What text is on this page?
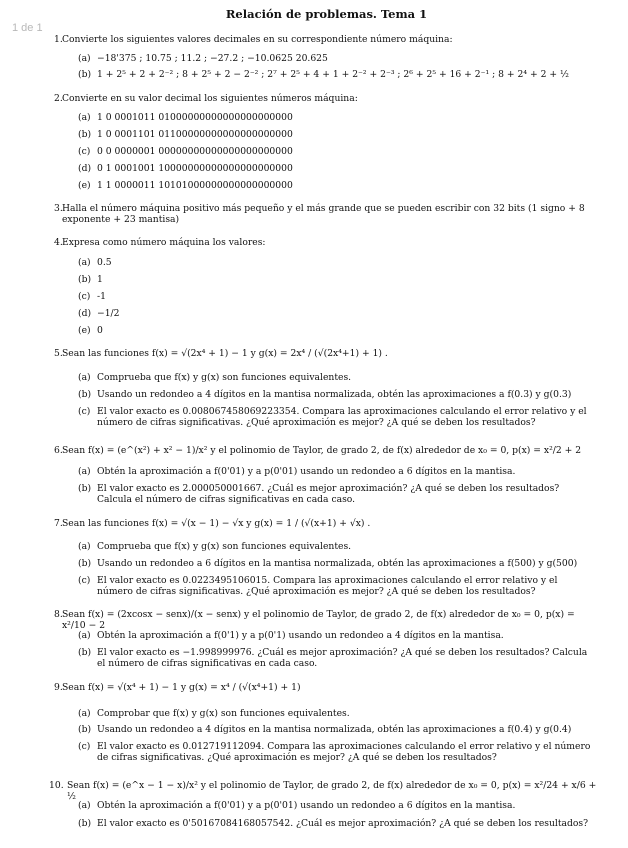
1 de 1
Relación de problemas. Tema 1
1. Convierte los siguientes valores decimales en su correspondiente número máquina:
(a) −18'375 ; 10.75 ; 11.2 ; −27.2 ; −10.0625 20.625
(b) 1 + 2⁵ + 2 + 2⁻² ; 8 + 2⁵ + 2 − 2⁻² ; 2⁷ + 2⁵ + 4 + 1 + 2⁻² + 2⁻³ ; 2⁶ + 2⁵ + 16 + 2⁻¹ ; 8 + 2⁴ + 2 + ½
2. Convierte en su valor decimal los siguientes números máquina:
(a) 1 0 0001011 01000000000000000000000
(b) 1 0 0001101 01100000000000000000000
(c) 0 0 0000001 00000000000000000000000
(d) 0 1 0001001 10000000000000000000000
(e) 1 1 0000011 10101000000000000000000
3. Halla el número máquina positivo más pequeño y el más grande que se pueden escribir con 32 bits (1 signo + 8 exponente + 23 mantisa)
4. Expresa como número máquina los valores:
(a) 0.5
(b) 1
(c) -1
(d) −1/2
(e) 0
5. Sean las funciones f(x) = √(2x⁴ + 1) − 1 y g(x) = 2x⁴ / (√(2x⁴+1) + 1) .
(a) Comprueba que f(x) y g(x) son funciones equivalentes.
(b) Usando un redondeo a 4 dígitos en la mantisa normalizada, obtén las aproximaciones a f(0.3) y g(0.3)
(c) El valor exacto es 0.008067458069223354. Compara las aproximaciones calculando el error relativo y el número de cifras significativas. ¿Qué aproximación es mejor? ¿A qué se deben los resultados?
6. Sean f(x) = (e^(x²) + x² − 1)/x² y el polinomio de Taylor, de grado 2, de f(x) alrededor de x₀ = 0, p(x) = x²/2 + 2
(a) Obtén la aproximación a f(0'01) y a p(0'01) usando un redondeo a 6 dígitos en la mantisa.
(b) El valor exacto es 2.000050001667. ¿Cuál es mejor aproximación? ¿A qué se deben los resultados? Calcula el número de cifras significativas en cada caso.
7. Sean las funciones f(x) = √(x − 1) − √x y g(x) = 1 / (√(x+1) + √x) .
(a) Comprueba que f(x) y g(x) son funciones equivalentes.
(b) Usando un redondeo a 6 dígitos en la mantisa normalizada, obtén las aproximaciones a f(500) y g(500)
(c) El valor exacto es 0.0223495106015. Compara las aproximaciones calculando el error relativo y el número de cifras significativas. ¿Qué aproximación es mejor? ¿A qué se deben los resultados?
8. Sean f(x) = (2xcosx − senx)/(x − senx) y el polinomio de Taylor, de grado 2, de f(x) alrededor de x₀ = 0, p(x) = x²/10 − 2
(a) Obtén la aproximación a f(0'1) y a p(0'1) usando un redondeo a 4 dígitos en la mantisa.
(b) El valor exacto es −1.998999976. ¿Cuál es mejor aproximación? ¿A qué se deben los resultados? Calcula el número de cifras significativas en cada caso.
9. Sean f(x) = √(x⁴ + 1) − 1 y g(x) = x⁴ / (√(x⁴+1) + 1)
(a) Comprobar que f(x) y g(x) son funciones equivalentes.
(b) Usando un redondeo a 4 dígitos en la mantisa normalizada, obtén las aproximaciones a f(0.4) y g(0.4)
(c) El valor exacto es 0.012719112094. Compara las aproximaciones calculando el error relativo y el número de cifras significativas. ¿Qué aproximación es mejor? ¿A qué se deben los resultados?
10. Sean f(x) = (e^x − 1 − x)/x² y el polinomio de Taylor, de grado 2, de f(x) alrededor de x₀ = 0, p(x) = x²/24 + x/6 + ½
(a) Obtén la aproximación a f(0'01) y a p(0'01) usando un redondeo a 6 dígitos en la mantisa.
(b) El valor exacto es 0'50167084168057542. ¿Cuál es mejor aproximación? ¿A qué se deben los resultados?
